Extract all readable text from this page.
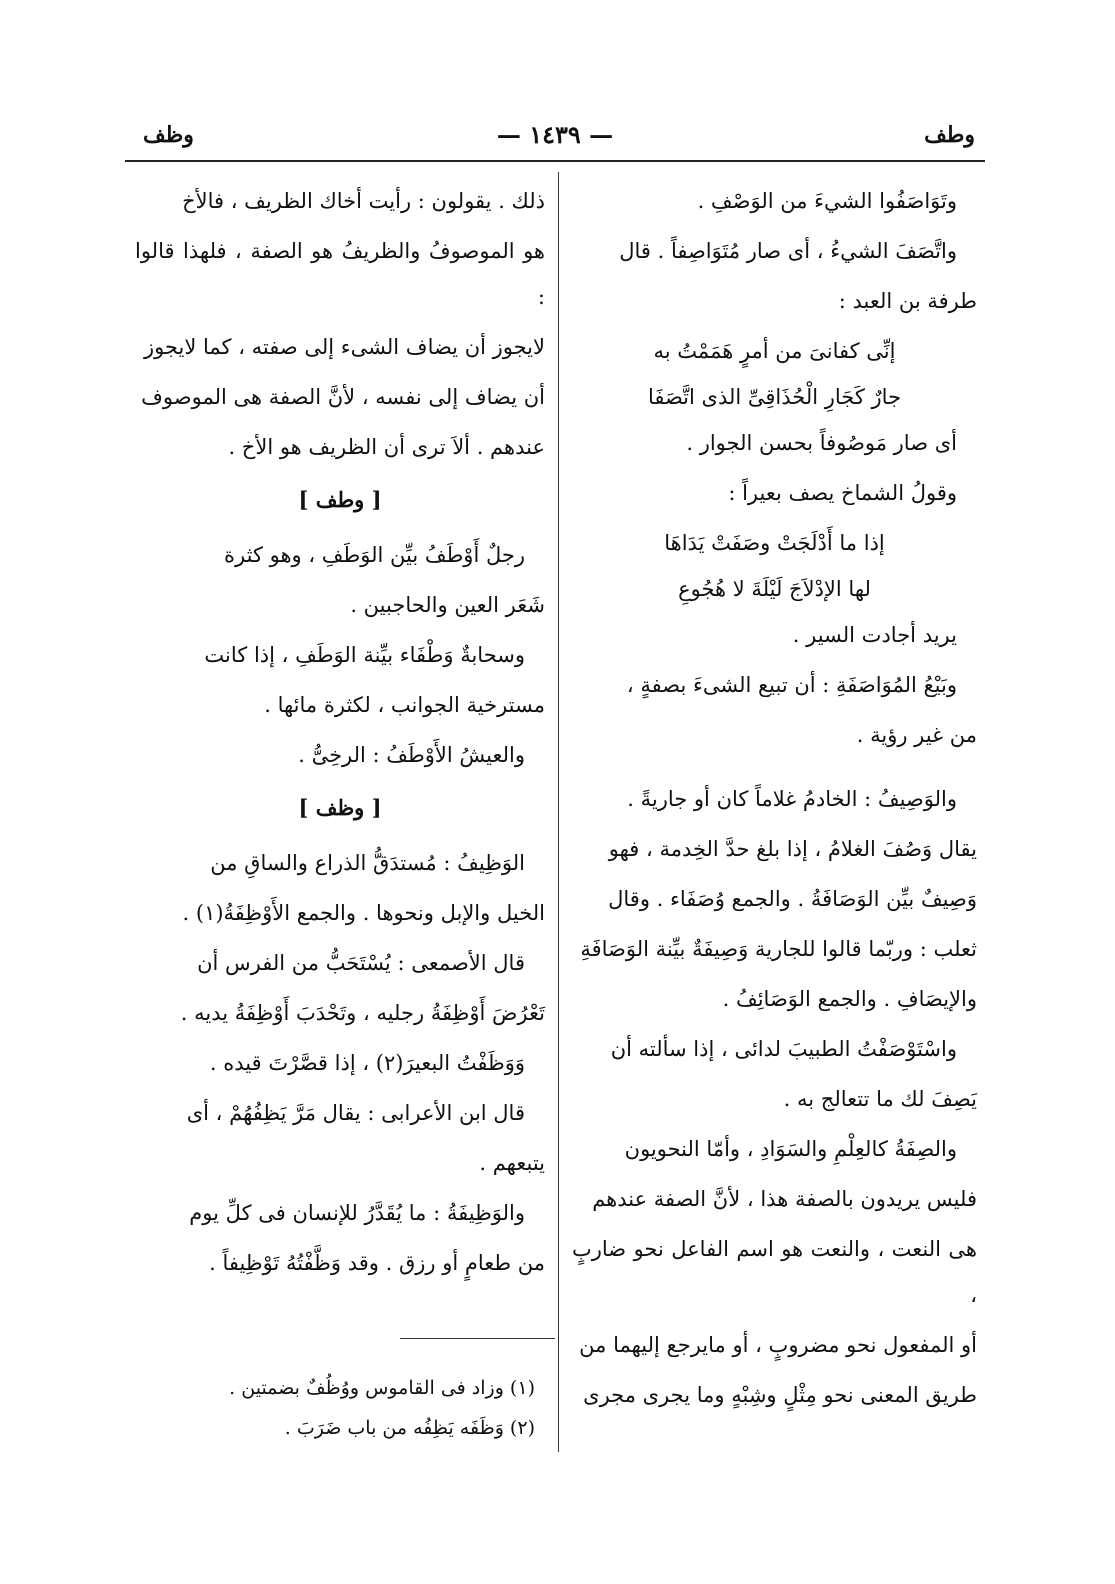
وطف
— ١٤٣٩ —
وظف

وتَوَاصَفُوا الشيءَ من الوَصْفِ .

واتَّصَفَ الشيءُ ، أى صار مُتَوَاصِفاً . قال

طرفة بن العبد :

إنِّى كفانىَ من أمرٍ هَمَمْتُ به

جارٌ كَجَارِ الْحُذَاقِىِّ الذى اتَّصَفَا

أى صار مَوصُوفاً بحسن الجوار .

وقولُ الشماخ يصف بعيراً :

إذا ما أَدْلَجَتْ وصَفَتْ يَدَاهَا

لها الإدْلاَجَ لَيْلَةَ لا هُجُوعِ

يريد أجادت السير .

وبَيْعُ المُوَاصَفَةِ : أن تبيع الشىءَ بصفةٍ ،

من غير رؤية .

والوَصِيفُ : الخادمُ غلاماً كان أو جاريةً .

يقال وَصُفَ الغلامُ ، إذا بلغ حدَّ الخِدمة ، فهو

وَصِيفٌ بيِّن الوَصَافَةُ . والجمع وُصَفَاء . وقال

ثعلب : وربّما قالوا للجارية وَصِيفَةٌ بيِّنة الوَصَافَةِ

والإيصَافِ . والجمع الوَصَائِفُ .

واسْتَوْصَفْتُ الطبيبَ لدائى ، إذا سألته أن

يَصِفَ لك ما تتعالج به .

والصِفَةُ كالعِلْمِ والسَوَادِ ، وأمّا النحويون

فليس يريدون بالصفة هذا ، لأنَّ الصفة عندهم

هى النعت ، والنعت هو اسم الفاعل نحو ضاربٍ ،

أو المفعول نحو مضروبٍ ، أو مايرجع إليهما من

طريق المعنى نحو مِثْلٍ وشِبْهٍ وما يجرى مجرى

ذلك . يقولون : رأيت أخاك الظريف ، فالأخ

هو الموصوفُ والظريفُ هو الصفة ، فلهذا قالوا :

لايجوز أن يضاف الشىء إلى صفته ، كما لايجوز

أن يضاف إلى نفسه ، لأنَّ الصفة هى الموصوف

عندهم . ألاَ ترى أن الظريف هو الأخ .

[ وطف ]

رجلٌ أَوْطَفُ بيِّن الوَطَفِ ، وهو كثرة

شَعَر العين والحاجبين .

وسحابةٌ وَطْفَاء بيِّنة الوَطَفِ ، إذا كانت

مسترخية الجوانب ، لكثرة مائها .

والعيشُ الأَوْطَفُ : الرخِىُّ .

[ وظف ]

الوَظِيفُ : مُستدَقُّ الذراع والساقِ من

الخيل والإبل ونحوها . والجمع الأَوْظِفَةُ(١) .

قال الأصمعى : يُسْتَحَبُّ من الفرس أن

تَعْرُضَ أَوْظِفَةُ رجليه ، وتَحْدَبَ أَوْظِفَةُ يديه .

وَوَظَفْتُ البعيرَ(٢) ، إذا قصَّرْتَ قيده .

قال ابن الأعرابى : يقال مَرَّ يَظِفُهُمْ ، أى

يتبعهم .

والوَظِيفَةُ : ما يُقَدَّرُ للإنسان فى كلِّ يوم

من طعامٍ أو رزق . وقد وَظَّفْتُهُ تَوْظِيفاً .

(١) وزاد فى القاموس ووُظُفٌ بضمتين .

(٢) وَظَفَه يَظِفُه من باب ضَرَبَ .
